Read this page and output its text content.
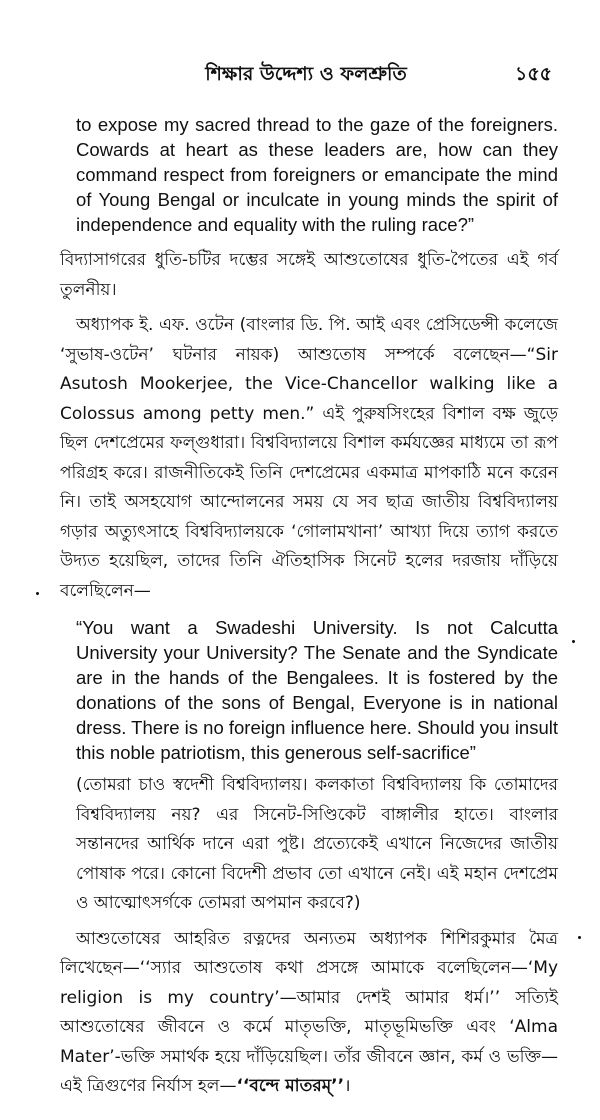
শিক্ষার উদ্দেশ্য ও ফলশ্রুতি	১৫৫

to expose my sacred thread to the gaze of the foreigners. Cowards at heart as these leaders are, how can they command respect from foreigners or emancipate the mind of Young Bengal or inculcate in young minds the spirit of independence and equality with the ruling race?”

বিদ্যাসাগরের ধুতি-চটির দম্ভের সঙ্গেই আশুতোষের ধুতি-পৈতের এই গর্ব তুলনীয়।

অধ্যাপক ই. এফ. ওটেন (বাংলার ডি. পি. আই এবং প্রেসিডেন্সী কলেজে ‘সুভাষ-ওটেন’ ঘটনার নায়ক) আশুতোষ সম্পর্কে বলেছেন—“Sir Asutosh Mookerjee, the Vice-Chancellor walking like a Colossus among petty men.” এই পুরুষসিংহের বিশাল বক্ষ জুড়ে ছিল দেশপ্রেমের ফল্গুধারা। বিশ্ববিদ্যালয়ে বিশাল কর্মযজ্ঞের মাধ্যমে তা রূপ পরিগ্রহ করে। রাজনীতিকেই তিনি দেশপ্রেমের একমাত্র মাপকাঠি মনে করেন নি। তাই অসহযোগ আন্দোলনের সময় যে সব ছাত্র জাতীয় বিশ্ববিদ্যালয় গড়ার অত্যুৎসাহে বিশ্ববিদ্যালয়কে ‘গোলামখানা’ আখ্যা দিয়ে ত্যাগ করতে উদ্যত হয়েছিল, তাদের তিনি ঐতিহাসিক সিনেট হলের দরজায় দাঁড়িয়ে বলেছিলেন—

“You want a Swadeshi University. Is not Calcutta University your University? The Senate and the Syndicate are in the hands of the Bengalees. It is fostered by the donations of the sons of Bengal, Everyone is in national dress. There is no foreign influence here. Should you insult this noble patriotism, this generous self-sacrifice”

(তোমরা চাও স্বদেশী বিশ্ববিদ্যালয়। কলকাতা বিশ্ববিদ্যালয় কি তোমাদের বিশ্ববিদ্যালয় নয়? এর সিনেট-সিণ্ডিকেট বাঙ্গালীর হাতে। বাংলার সন্তানদের আর্থিক দানে এরা পুষ্ট। প্রত্যেকেই এখানে নিজেদের জাতীয় পোষাক পরে। কোনো বিদেশী প্রভাব তো এখানে নেই। এই মহান দেশপ্রেম ও আত্মোৎসর্গকে তোমরা অপমান করবে?)

আশুতোষের আহরিত রত্নদের অন্যতম অধ্যাপক শিশিরকুমার মৈত্র লিখেছেন—‘‘স্যার আশুতোষ কথা প্রসঙ্গে আমাকে বলেছিলেন—‘My religion is my country’—আমার দেশই আমার ধর্ম।’’ সত্যিই আশুতোষের জীবনে ও কর্মে মাতৃভক্তি, মাতৃভূমিভক্তি এবং ‘Alma Mater’-ভক্তি সমার্থক হয়ে দাঁড়িয়েছিল। তাঁর জীবনে জ্ঞান, কর্ম ও ভক্তি—এই ত্রিগুণের নির্যাস হল—‘‘বন্দে মাতরম্’’।
